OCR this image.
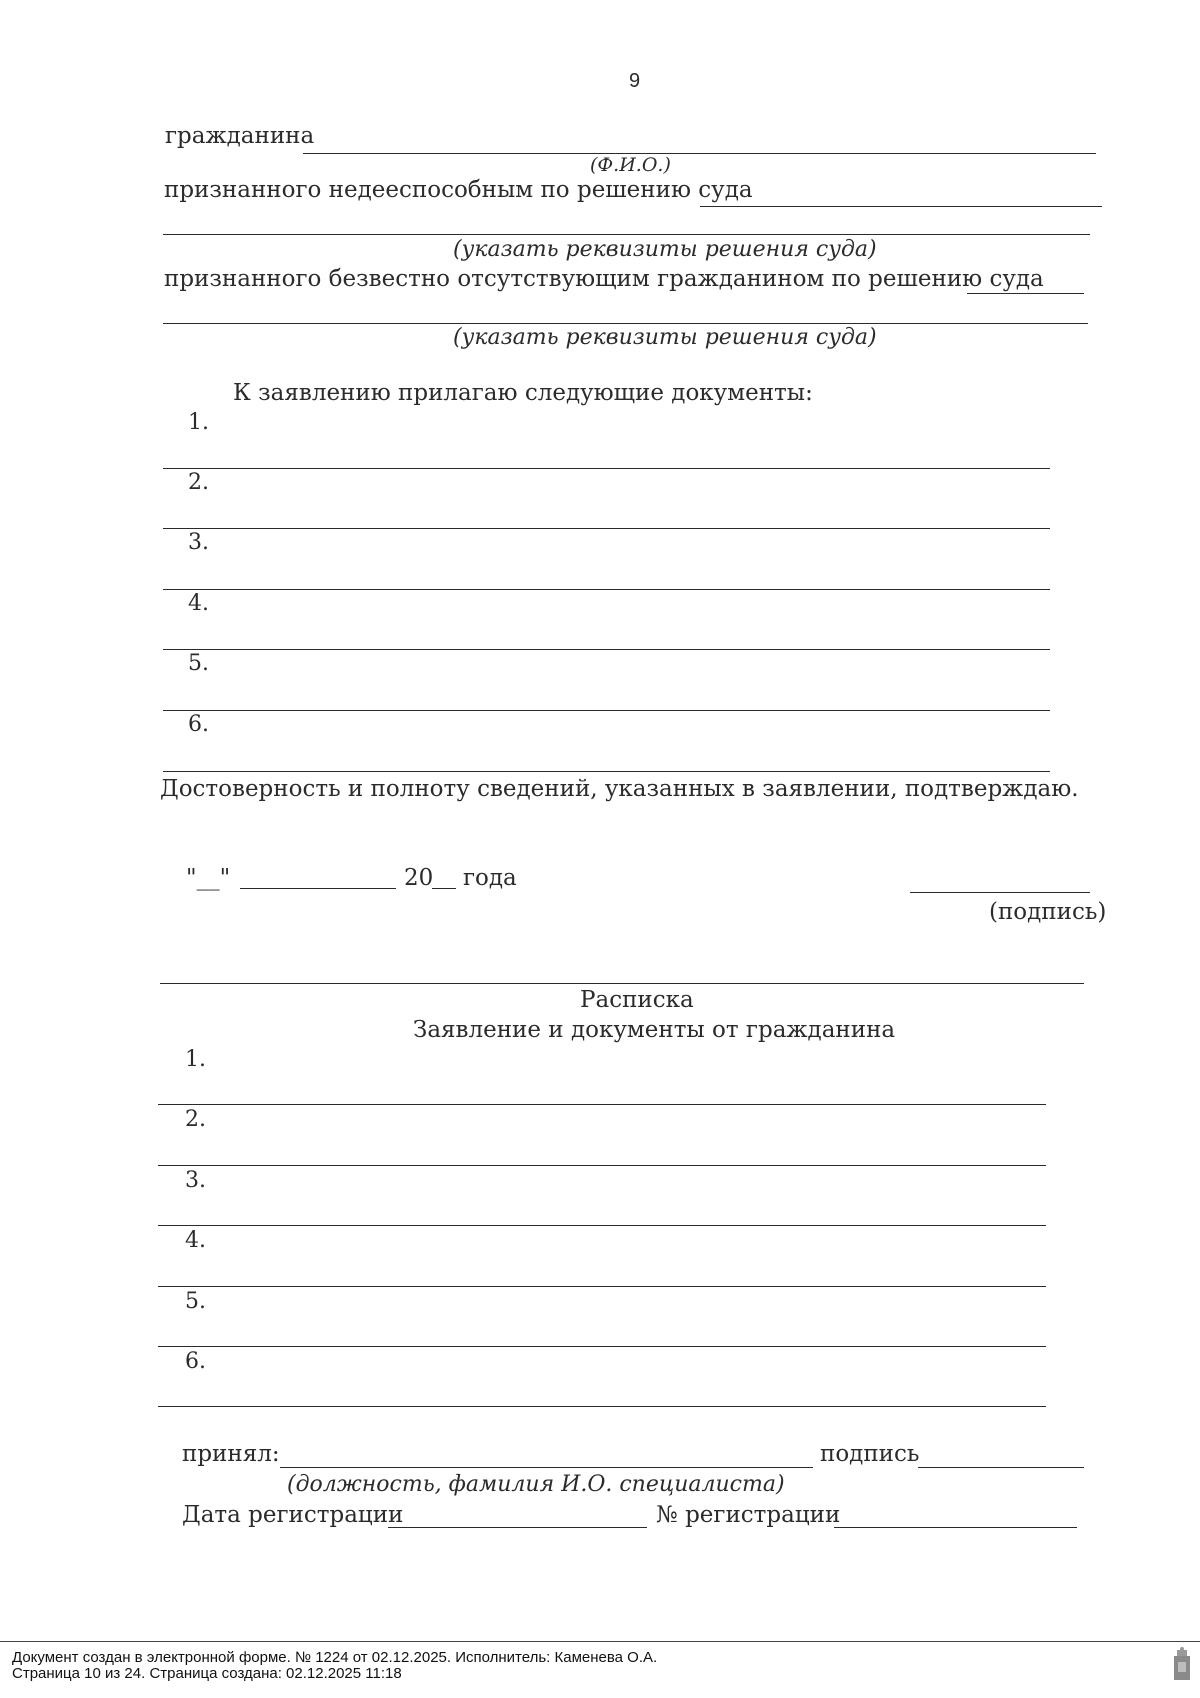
9
гражданина
(Ф.И.О.)
признанного недееспособным по решению суда
(указать реквизиты решения суда)
признанного безвестно отсутствующим гражданином по решению суда
(указать реквизиты решения суда)
К заявлению прилагаю следующие документы:
1.
2.
3.
4.
5.
6.
Достоверность и полноту сведений, указанных в заявлении, подтверждаю.
"__"	20 года
(подпись)
Расписка
Заявление и документы от гражданина
1.
2.
3.
4.
5.
6.
принял:	подпись
(должность, фамилия И.О. специалиста)
Дата регистрации	№ регистрации
Документ создан в электронной форме. № 1224 от 02.12.2025. Исполнитель: Каменева О.А.
Страница 10 из 24. Страница создана: 02.12.2025 11:18
